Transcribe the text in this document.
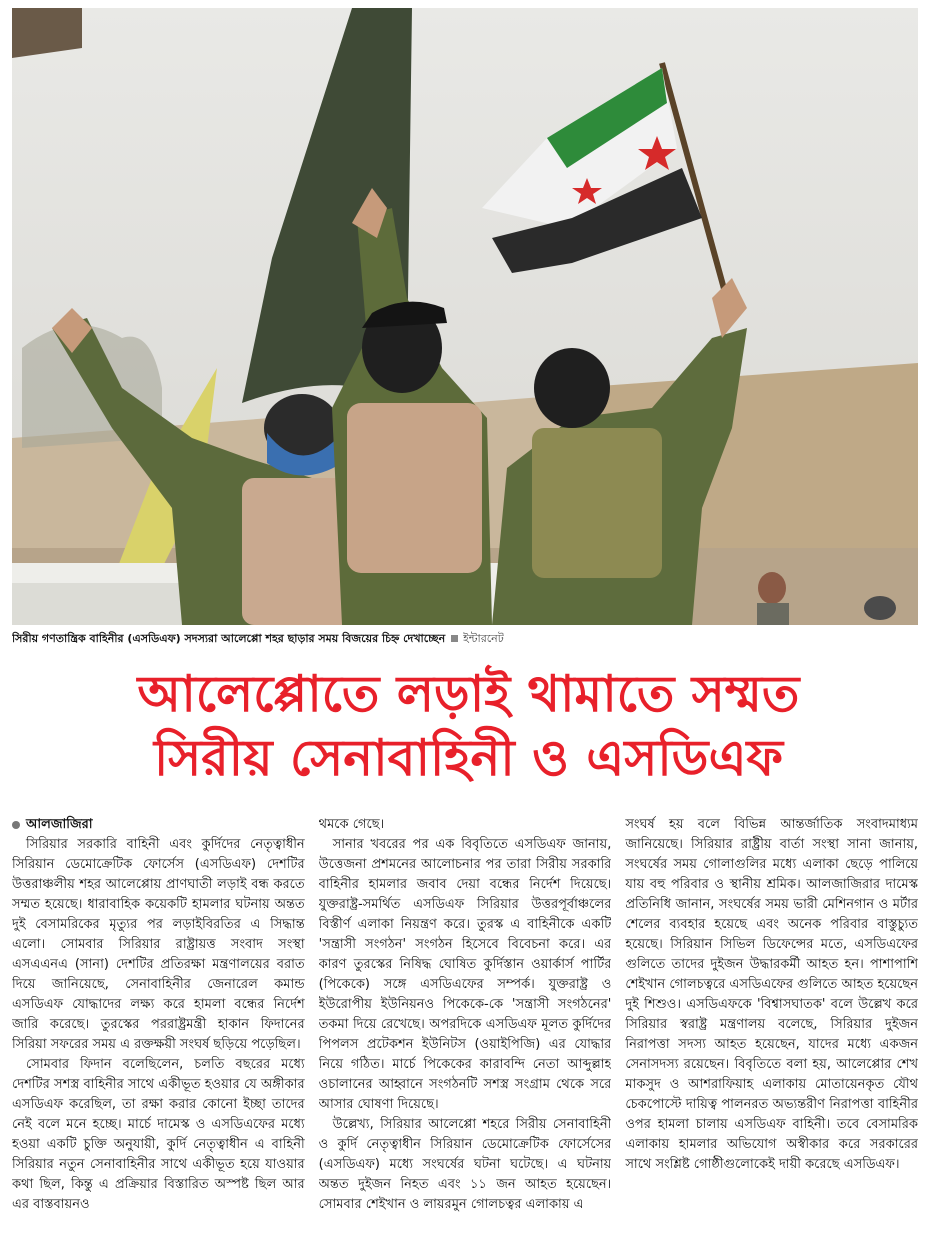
সিরীয় গণতান্ত্রিক বাহিনীর (এসডিএফ) সদস্যরা আলেপ্পো শহর ছাড়ার সময় বিজয়ের চিহ্ন দেখাচ্ছেন ইন্টারনেট
আলেপ্পোতে লড়াই থামাতে সম্মত
সিরীয় সেনাবাহিনী ও এসডিএফ
আলজাজিরা

সিরিয়ার সরকারি বাহিনী এবং কুর্দিদের নেতৃত্বাধীন সিরিয়ান ডেমোক্রেটিক ফোর্সেস (এসডিএফ) দেশটির উত্তরাঞ্চলীয় শহর আলেপ্পোয় প্রাণঘাতী লড়াই বন্ধ করতে সম্মত হয়েছে। ধারাবাহিক কয়েকটি হামলার ঘটনায় অন্তত দুই বেসামরিকের মৃত্যুর পর লড়াইবিরতির এ সিদ্ধান্ত এলো। সোমবার সিরিয়ার রাষ্ট্রায়ত্ত সংবাদ সংস্থা এসএএনএ (সানা) দেশটির প্রতিরক্ষা মন্ত্রণালয়ের বরাত দিয়ে জানিয়েছে, সেনাবাহিনীর জেনারেল কমান্ড এসডিএফ যোদ্ধাদের লক্ষ্য করে হামলা বন্ধের নির্দেশ জারি করেছে। তুরস্কের পররাষ্ট্রমন্ত্রী হাকান ফিদানের সিরিয়া সফরের সময় এ রক্তক্ষয়ী সংঘর্ষ ছড়িয়ে পড়েছিল।

সোমবার ফিদান বলেছিলেন, চলতি বছরের মধ্যে দেশটির সশস্ত্র বাহিনীর সাথে একীভূত হওয়ার যে অঙ্গীকার এসডিএফ করেছিল, তা রক্ষা করার কোনো ইচ্ছা তাদের নেই বলে মনে হচ্ছে। মার্চে দামেস্ক ও এসডিএফের মধ্যে হওয়া একটি চুক্তি অনুযায়ী, কুর্দি নেতৃত্বাধীন এ বাহিনী সিরিয়ার নতুন সেনাবাহিনীর সাথে একীভূত হয়ে যাওয়ার কথা ছিল, কিন্তু এ প্রক্রিয়ার বিস্তারিত অস্পষ্ট ছিল আর এর বাস্তবায়নও

থমকে গেছে।

সানার খবরের পর এক বিবৃতিতে এসডিএফ জানায়, উত্তেজনা প্রশমনের আলোচনার পর তারা সিরীয় সরকারি বাহিনীর হামলার জবাব দেয়া বন্ধের নির্দেশ দিয়েছে। যুক্তরাষ্ট্র-সমর্থিত এসডিএফ সিরিয়ার উত্তরপূর্বাঞ্চলের বিস্তীর্ণ এলাকা নিয়ন্ত্রণ করে। তুরস্ক এ বাহিনীকে একটি 'সন্ত্রাসী সংগঠন' সংগঠন হিসেবে বিবেচনা করে। এর কারণ তুরস্কের নিষিদ্ধ ঘোষিত কুর্দিস্তান ওয়ার্কার্স পার্টির (পিকেকে) সঙ্গে এসডিএফের সম্পর্ক। যুক্তরাষ্ট্র ও ইউরোপীয় ইউনিয়নও পিকেকে-কে 'সন্ত্রাসী সংগঠনের' তকমা দিয়ে রেখেছে। অপরদিকে এসডিএফ মূলত কুর্দিদের পিপলস প্রটেকশন ইউনিটস (ওয়াইপিজি) এর যোদ্ধার নিয়ে গঠিত। মার্চে পিকেকের কারাবন্দি নেতা আব্দুল্লাহ ওচালানের আহ্বানে সংগঠনটি সশস্ত্র সংগ্রাম থেকে সরে আসার ঘোষণা দিয়েছে।

উল্লেখ্য, সিরিয়ার আলেপ্পো শহরে সিরীয় সেনাবাহিনী ও কুর্দি নেতৃত্বাধীন সিরিয়ান ডেমোক্রেটিক ফোর্সেসের (এসডিএফ) মধ্যে সংঘর্ষের ঘটনা ঘটেছে। এ ঘটনায় অন্তত দুইজন নিহত এবং ১১ জন আহত হয়েছেন। সোমবার শেইখান ও লায়রমুন গোলচত্বর এলাকায় এ

সংঘর্ষ হয় বলে বিভিন্ন আন্তর্জাতিক সংবাদমাধ্যম জানিয়েছে। সিরিয়ার রাষ্ট্রীয় বার্তা সংস্থা সানা জানায়, সংঘর্ষের সময় গোলাগুলির মধ্যে এলাকা ছেড়ে পালিয়ে যায় বহু পরিবার ও স্থানীয় শ্রমিক। আলজাজিরার দামেস্ক প্রতিনিধি জানান, সংঘর্ষের সময় ভারী মেশিনগান ও মর্টার শেলের ব্যবহার হয়েছে এবং অনেক পরিবার বাস্তুচ্যুত হয়েছে। সিরিয়ান সিভিল ডিফেন্সের মতে, এসডিএফের গুলিতে তাদের দুইজন উদ্ধারকর্মী আহত হন। পাশাপাশি শেইখান গোলচত্বরে এসডিএফের গুলিতে আহত হয়েছেন দুই শিশুও। এসডিএফকে 'বিশ্বাসঘাতক' বলে উল্লেখ করে সিরিয়ার স্বরাষ্ট্র মন্ত্রণালয় বলেছে, সিরিয়ার দুইজন নিরাপত্তা সদস্য আহত হয়েছেন, যাদের মধ্যে একজন সেনাসদস্য রয়েছেন। বিবৃতিতে বলা হয়, আলেপ্পোর শেখ মাকসুদ ও আশরাফিয়াহ এলাকায় মোতায়েনকৃত যৌথ চেকপোস্টে দায়িত্ব পালনরত অভ্যন্তরীণ নিরাপত্তা বাহিনীর ওপর হামলা চালায় এসডিএফ বাহিনী। তবে বেসামরিক এলাকায় হামলার অভিযোগ অস্বীকার করে সরকারের সাথে সংশ্লিষ্ট গোষ্ঠীগুলোকেই দায়ী করেছে এসডিএফ।
